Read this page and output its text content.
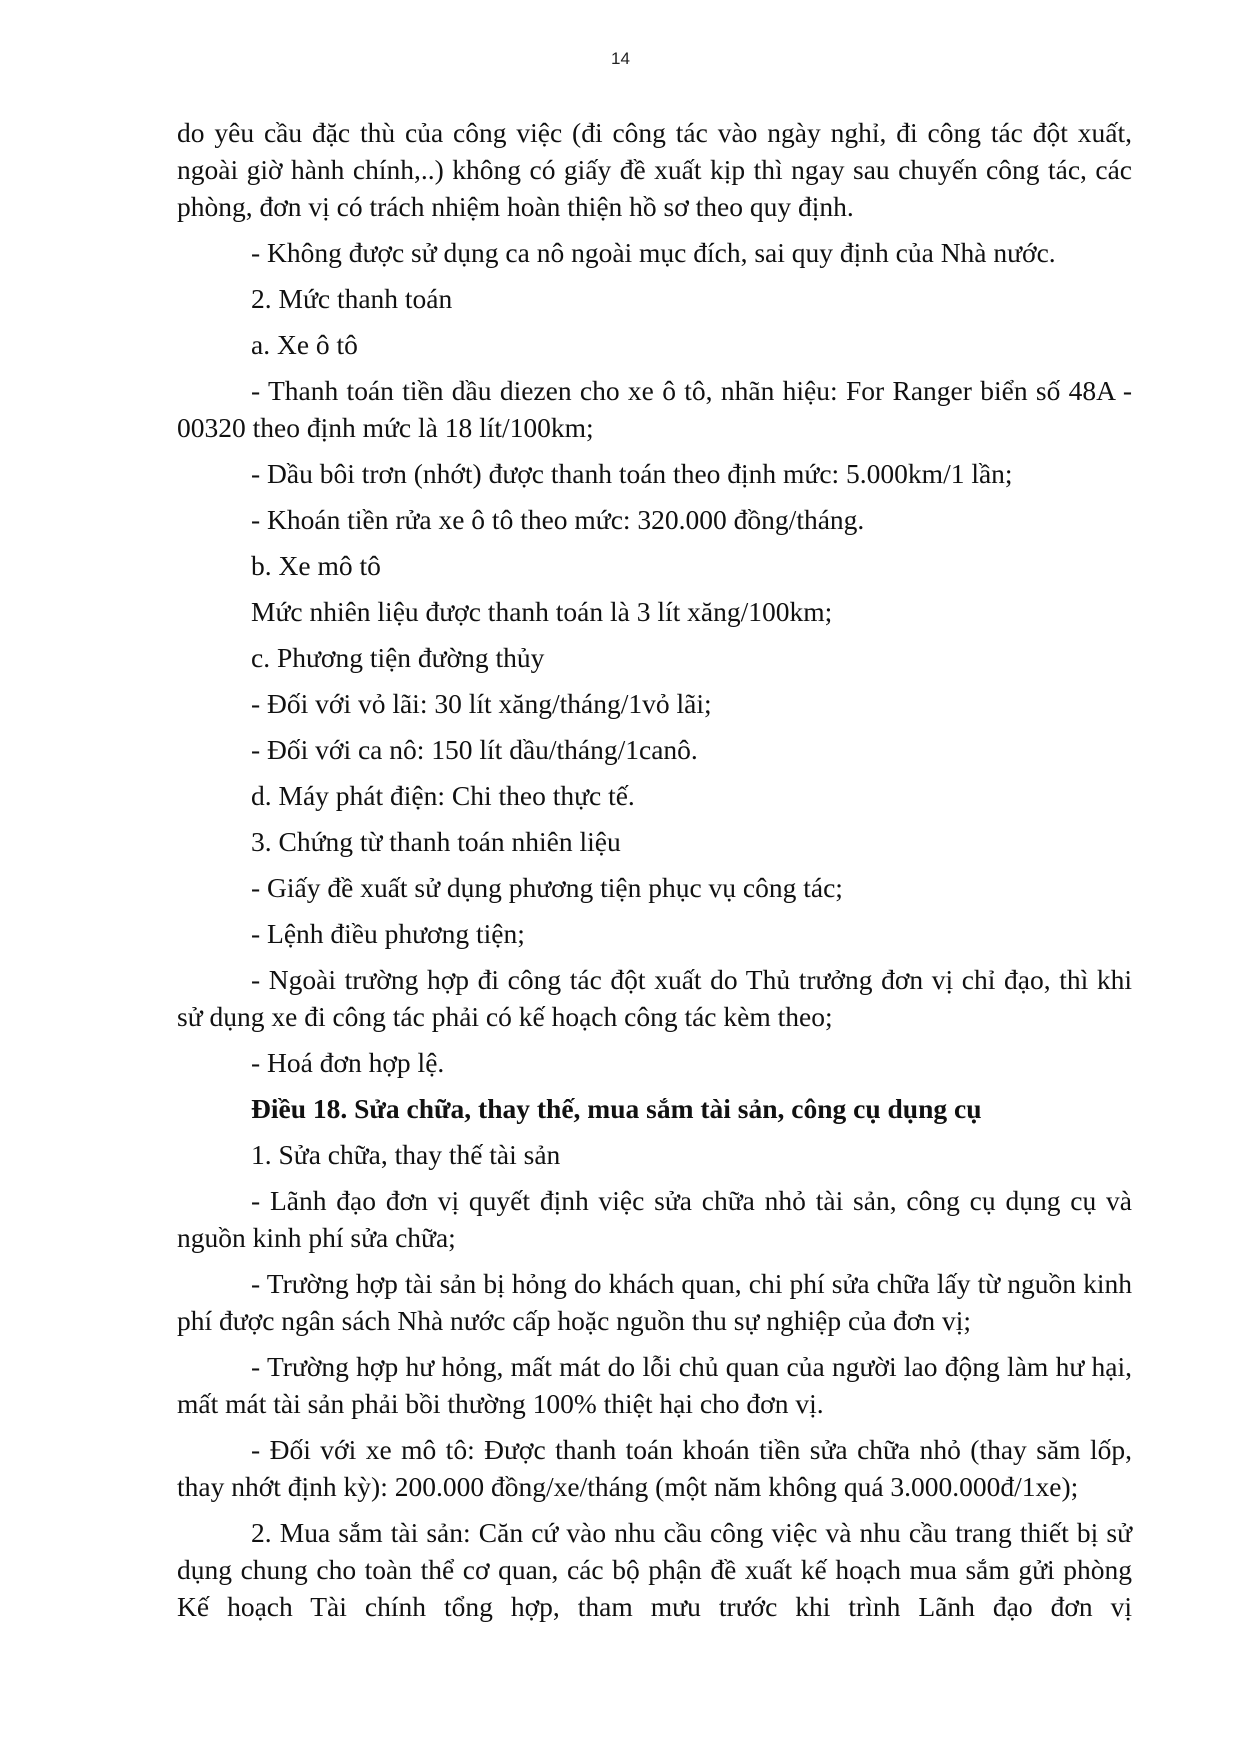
14

do yêu cầu đặc thù của công việc (đi công tác vào ngày nghỉ, đi công tác đột xuất, ngoài giờ hành chính,..) không có giấy đề xuất kịp thì ngay sau chuyến công tác, các phòng, đơn vị có trách nhiệm hoàn thiện hồ sơ theo quy định.

- Không được sử dụng ca nô ngoài mục đích, sai quy định của Nhà nước.

2. Mức thanh toán

a. Xe ô tô

- Thanh toán tiền dầu diezen cho xe ô tô, nhãn hiệu: For Ranger biển số 48A - 00320 theo định mức là 18 lít/100km;

- Dầu bôi trơn (nhớt) được thanh toán theo định mức: 5.000km/1 lần;

- Khoán tiền rửa xe ô tô theo mức: 320.000 đồng/tháng.

b. Xe mô tô

Mức nhiên liệu được thanh toán là 3 lít xăng/100km;

c. Phương tiện đường thủy

- Đối với vỏ lãi: 30 lít xăng/tháng/1vỏ lãi;

- Đối với ca nô: 150 lít dầu/tháng/1canô.

d. Máy phát điện: Chi theo thực tế.

3. Chứng từ thanh toán nhiên liệu

- Giấy đề xuất sử dụng phương tiện phục vụ công tác;

- Lệnh điều phương tiện;

- Ngoài trường hợp đi công tác đột xuất do Thủ trưởng đơn vị chỉ đạo, thì khi sử dụng xe đi công tác phải có kế hoạch công tác kèm theo;

- Hoá đơn hợp lệ.

Điều 18. Sửa chữa, thay thế, mua sắm tài sản, công cụ dụng cụ

1. Sửa chữa, thay thế tài sản

- Lãnh đạo đơn vị quyết định việc sửa chữa nhỏ tài sản, công cụ dụng cụ và nguồn kinh phí sửa chữa;

- Trường hợp tài sản bị hỏng do khách quan, chi phí sửa chữa lấy từ nguồn kinh phí được ngân sách Nhà nước cấp hoặc nguồn thu sự nghiệp của đơn vị;

- Trường hợp hư hỏng, mất mát do lỗi chủ quan của người lao động làm hư hại, mất mát tài sản phải bồi thường 100% thiệt hại cho đơn vị.

- Đối với xe mô tô: Được thanh toán khoán tiền sửa chữa nhỏ (thay săm lốp, thay nhớt định kỳ): 200.000 đồng/xe/tháng (một năm không quá 3.000.000đ/1xe);

2. Mua sắm tài sản: Căn cứ vào nhu cầu công việc và nhu cầu trang thiết bị sử dụng chung cho toàn thể cơ quan, các bộ phận đề xuất kế hoạch mua sắm gửi phòng Kế hoạch Tài chính tổng hợp, tham mưu trước khi trình Lãnh đạo đơn vị
